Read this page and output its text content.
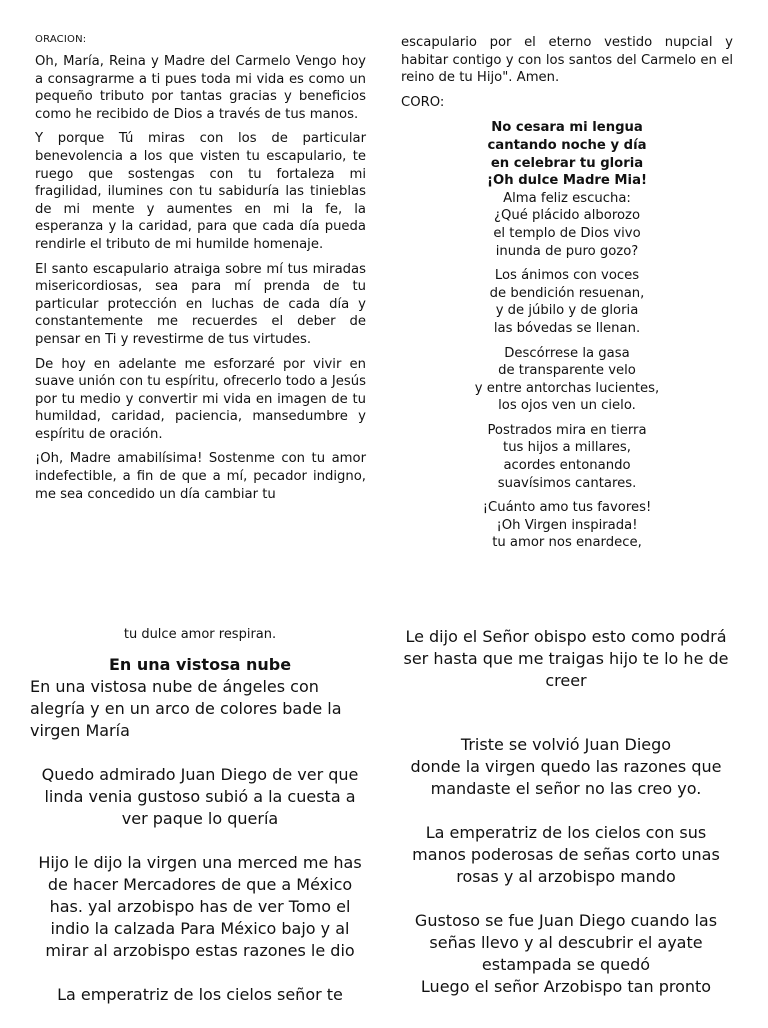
ORACION:

Oh, María, Reina y Madre del Carmelo Vengo hoy a consagrarme a ti pues toda mi vida es como un pequeño tributo por tantas gracias y beneficios como he recibido de Dios a través de tus manos.

Y porque Tú miras con los de particular benevolencia a los que visten tu escapulario, te ruego que sostengas con tu fortaleza mi fragilidad, ilumines con tu sabiduría las tinieblas de mi mente y aumentes en mi la fe, la esperanza y la caridad, para que cada día pueda rendirle el tributo de mi humilde homenaje.

El santo escapulario atraiga sobre mí tus miradas misericordiosas, sea para mí prenda de tu particular protección en luchas de cada día y constantemente me recuerdes el deber de pensar en Ti y revestirme de tus virtudes.

De hoy en adelante me esforzaré por vivir en suave unión con tu espíritu, ofrecerlo todo a Jesús por tu medio y convertir mi vida en imagen de tu humildad, caridad, paciencia, mansedumbre y espíritu de oración.

¡Oh, Madre amabilísima! Sostenme con tu amor indefectible, a fin de que a mí, pecador indigno, me sea concedido un día cambiar tu

escapulario por el eterno vestido nupcial y habitar contigo y con los santos del Carmelo en el reino de tu Hijo". Amen.

CORO:

No cesara mi lengua
cantando noche y día
en celebrar tu gloria
¡Oh dulce Madre Mia!
Alma feliz escucha:
¿Qué plácido alborozo
el templo de Dios vivo
inunda de puro gozo?
Los ánimos con voces
de bendición resuenan,
y de júbilo y de gloria
las bóvedas se llenan.
Descórrese la gasa
de transparente velo
y entre antorchas lucientes,
los ojos ven un cielo.
Postrados mira en tierra
tus hijos a millares,
acordes entonando
suavísimos cantares.
¡Cuánto amo tus favores!
¡Oh Virgen inspirada!
tu amor nos enardece,

tu dulce amor respiran.

En una vistosa nube

En una vistosa nube de ángeles con alegría y en un arco de colores bade la virgen María

Quedo admirado Juan Diego de ver que linda venia gustoso subió a la cuesta a ver paque lo quería

Hijo le dijo la virgen una merced me has de hacer Mercadores de que a México has. yal arzobispo has de ver Tomo el indio la calzada Para México bajo y al mirar al arzobispo estas razones le dio

La emperatriz de los cielos señor te

Le dijo el Señor obispo esto como podrá ser hasta que me traigas hijo te lo he de creer

Triste se volvió Juan Diego
donde la virgen quedo las razones que mandaste el señor no las creo yo.

La emperatriz de los cielos con sus manos poderosas de señas corto unas rosas y al arzobispo mando

Gustoso se fue Juan Diego cuando las señas llevo y al descubrir el ayate estampada se quedó
Luego el señor Arzobispo tan pronto
